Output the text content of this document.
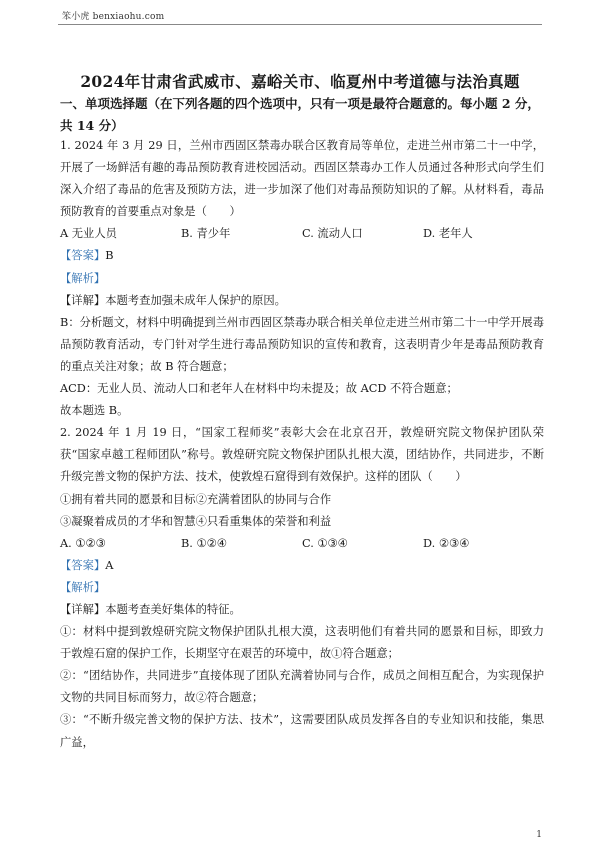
笨小虎 benxiaohu.com
2024年甘肃省武威市、嘉峪关市、临夏州中考道德与法治真题
一、单项选择题（在下列各题的四个选项中，只有一项是最符合题意的。每小题 2 分，共 14 分）

1. 2024 年 3 月 29 日，兰州市西固区禁毒办联合区教育局等单位，走进兰州市第二十一中学，开展了一场鲜活有趣的毒品预防教育进校园活动。西固区禁毒办工作人员通过各种形式向学生们深入介绍了毒品的危害及预防方法，进一步加深了他们对毒品预防知识的了解。从材料看，毒品预防教育的首要重点对象是（　　）

A 无业人员	B. 青少年	C. 流动人口	D. 老年人

【答案】B

【解析】

【详解】本题考查加强未成年人保护的原因。

B：分析题文，材料中明确提到兰州市西固区禁毒办联合相关单位走进兰州市第二十一中学开展毒品预防教育活动，专门针对学生进行毒品预防知识的宣传和教育，这表明青少年是毒品预防教育的重点关注对象；故 B 符合题意；

ACD：无业人员、流动人口和老年人在材料中均未提及；故 ACD 不符合题意；

故本题选 B。

2. 2024 年 1 月 19 日，“国家工程师奖”表彰大会在北京召开，敦煌研究院文物保护团队荣获“国家卓越工程师团队”称号。敦煌研究院文物保护团队扎根大漠，团结协作，共同进步，不断升级完善文物的保护方法、技术，使敦煌石窟得到有效保护。这样的团队（　　）

①拥有着共同的愿景和目标②充满着团队的协同与合作

③凝聚着成员的才华和智慧④只看重集体的荣誉和利益

A. ①②③	B. ①②④	C. ①③④	D. ②③④

【答案】A

【解析】

【详解】本题考查美好集体的特征。

①：材料中提到敦煌研究院文物保护团队扎根大漠，这表明他们有着共同的愿景和目标，即致力于敦煌石窟的保护工作，长期坚守在艰苦的环境中，故①符合题意；

②：“团结协作，共同进步”直接体现了团队充满着协同与合作，成员之间相互配合，为实现保护文物的共同目标而努力，故②符合题意；

③：“不断升级完善文物的保护方法、技术”，这需要团队成员发挥各自的专业知识和技能，集思广益，

1
